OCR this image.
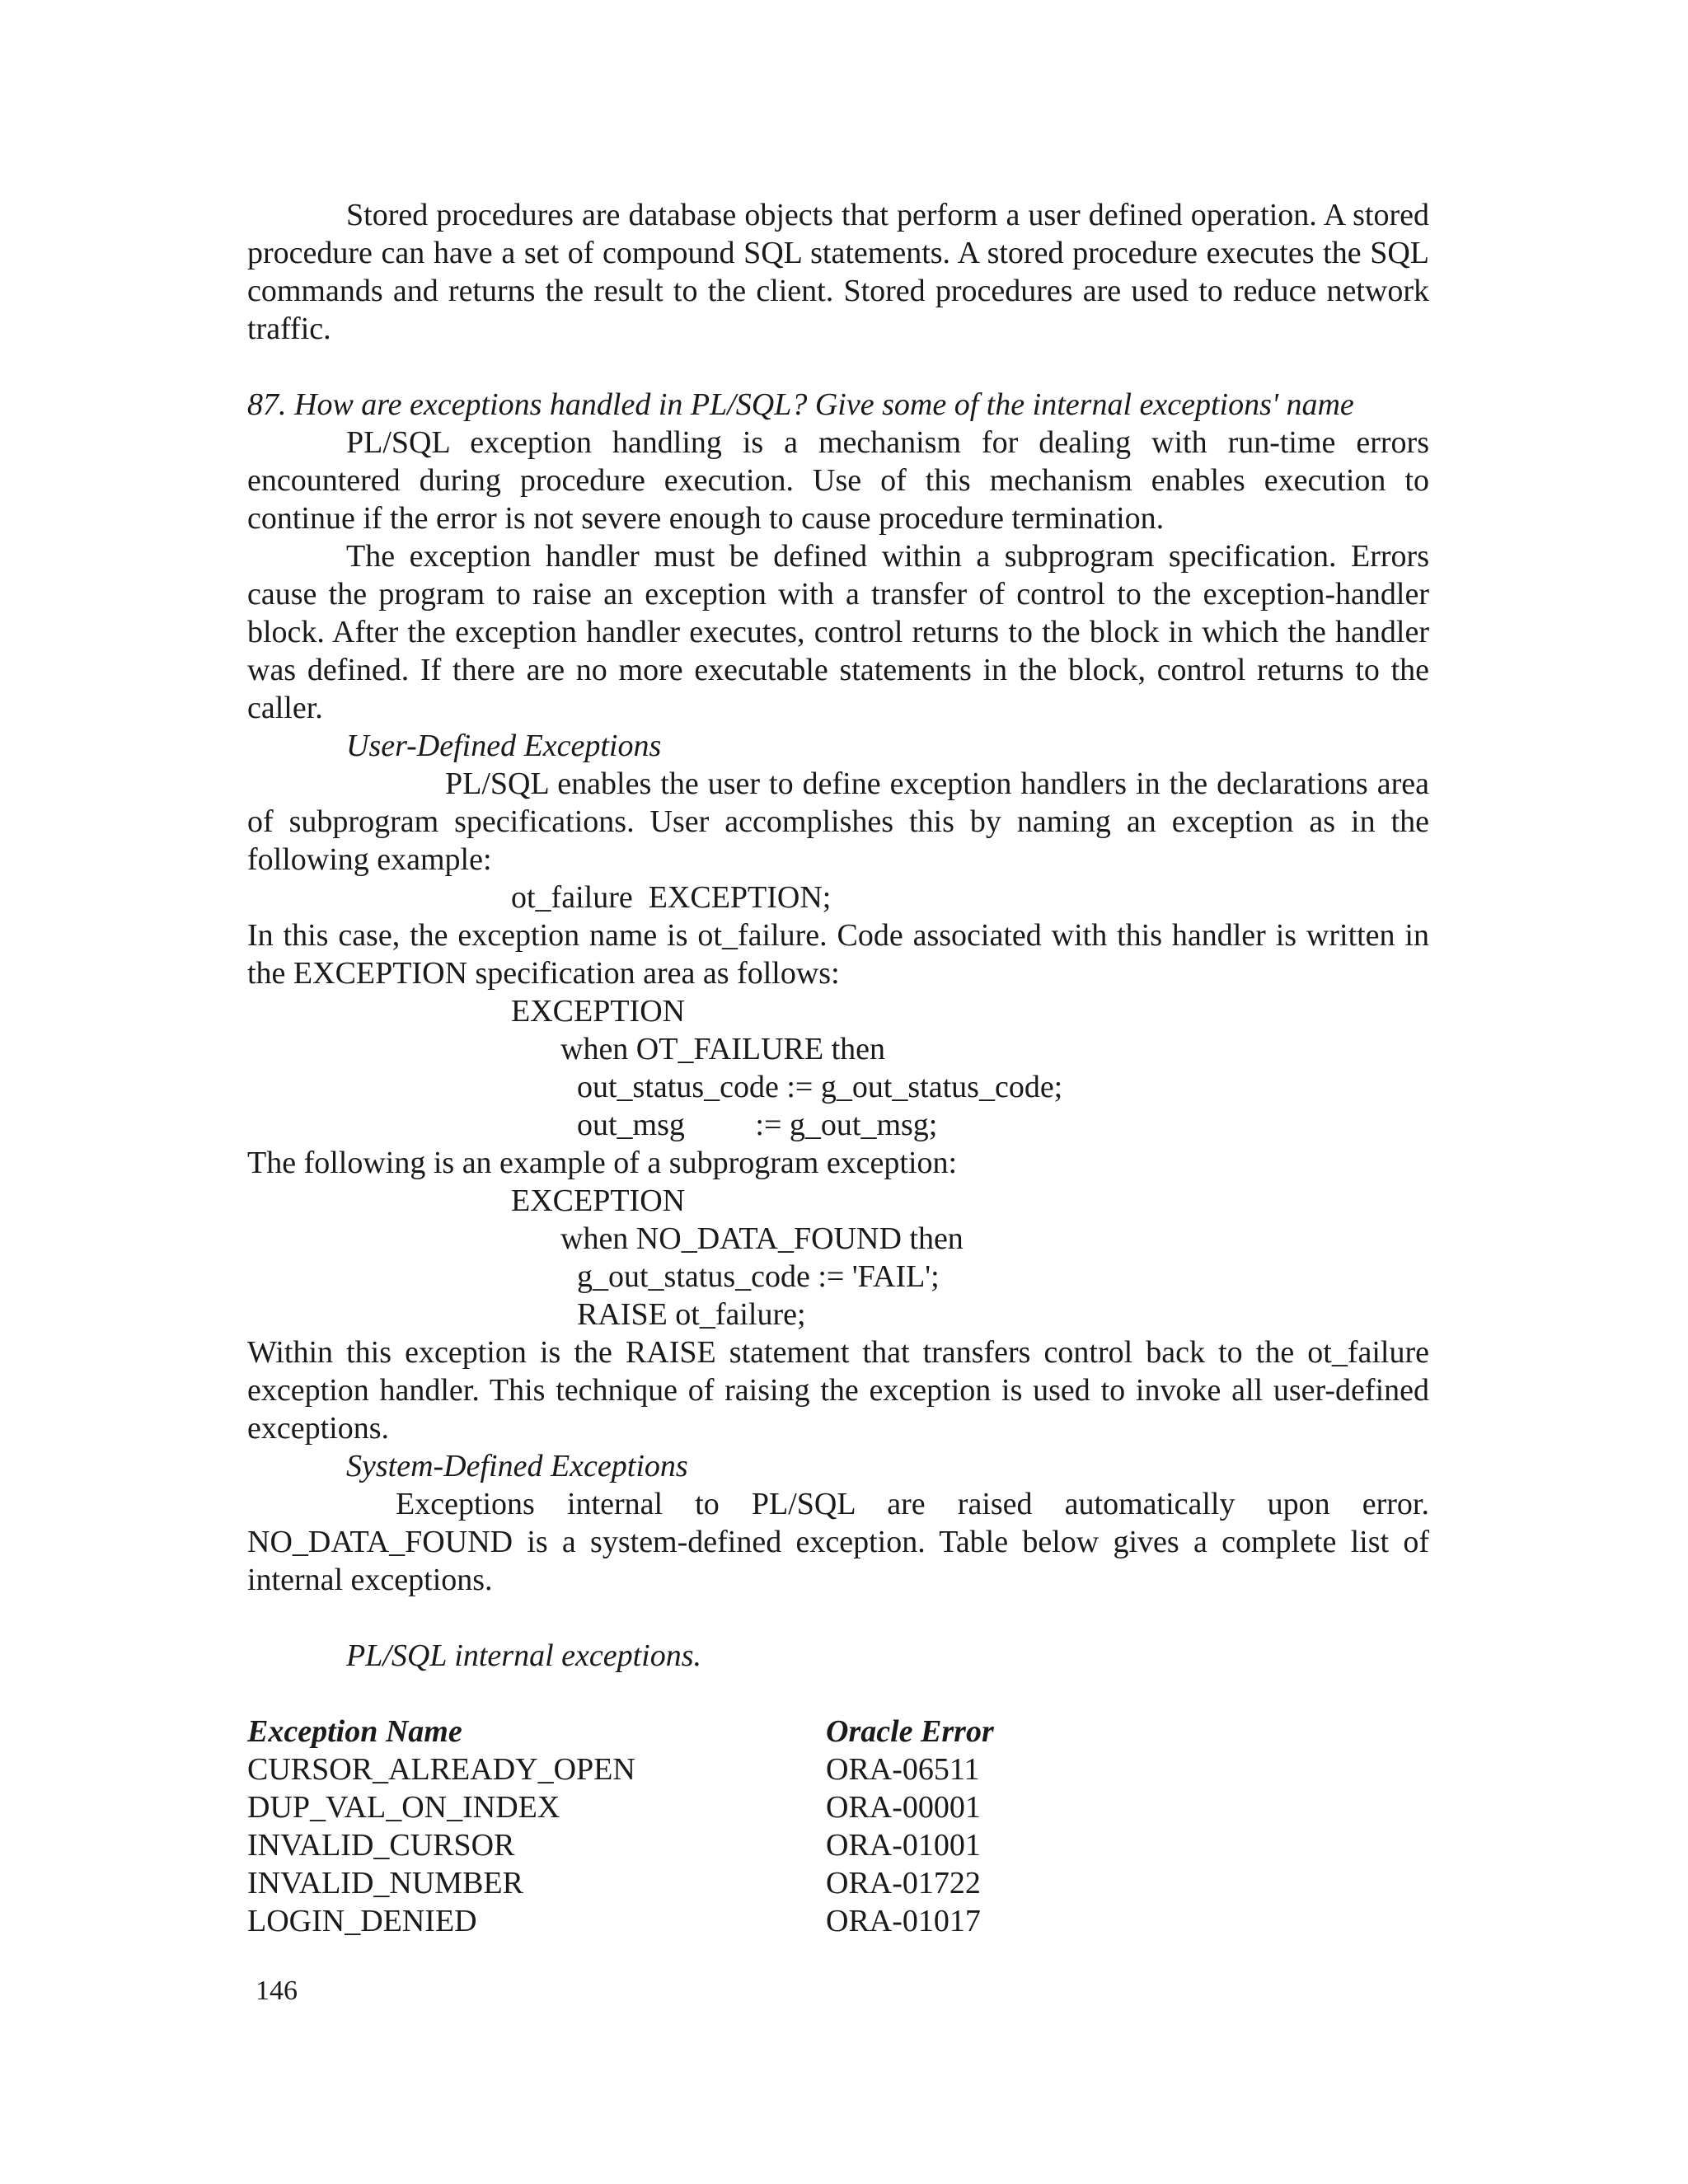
Stored procedures are database objects that perform a user defined operation. A stored procedure can have a set of compound SQL statements. A stored procedure executes the SQL commands and returns the result to the client. Stored procedures are used to reduce network traffic.

87. How are exceptions handled in PL/SQL? Give some of the internal exceptions' name

PL/SQL exception handling is a mechanism for dealing with run-time errors encountered during procedure execution. Use of this mechanism enables execution to continue if the error is not severe enough to cause procedure termination.

The exception handler must be defined within a subprogram specification. Errors cause the program to raise an exception with a transfer of control to the exception-handler block. After the exception handler executes, control returns to the block in which the handler was defined. If there are no more executable statements in the block, control returns to the caller.

User-Defined Exceptions

PL/SQL enables the user to define exception handlers in the declarations area of subprogram specifications. User accomplishes this by naming an exception as in the following example:

ot_failure  EXCEPTION;

In this case, the exception name is ot_failure. Code associated with this handler is written in the EXCEPTION specification area as follows:

EXCEPTION

when OT_FAILURE then

out_status_code := g_out_status_code;

out_msg         := g_out_msg;

The following is an example of a subprogram exception:

EXCEPTION

when NO_DATA_FOUND then

g_out_status_code := 'FAIL';

RAISE ot_failure;

Within this exception is the RAISE statement that transfers control back to the ot_failure exception handler. This technique of raising the exception is used to invoke all user-defined exceptions.

System-Defined Exceptions

Exceptions internal to PL/SQL are raised automatically upon error. NO_DATA_FOUND is a system-defined exception. Table below gives a complete list of internal exceptions.

PL/SQL internal exceptions.

Exception Name	Oracle Error
CURSOR_ALREADY_OPEN	ORA-06511
DUP_VAL_ON_INDEX	ORA-00001
INVALID_CURSOR	ORA-01001
INVALID_NUMBER	ORA-01722
LOGIN_DENIED	ORA-01017
146
